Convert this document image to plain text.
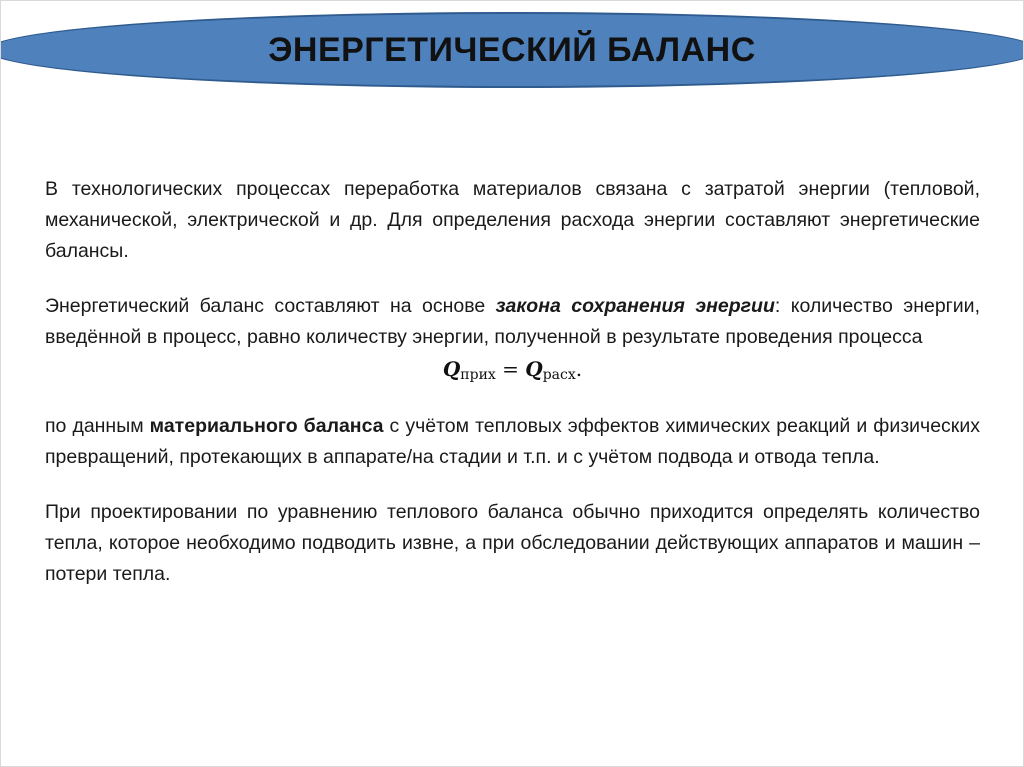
ЭНЕРГЕТИЧЕСКИЙ БАЛАНС

В технологических процессах переработка материалов связана с затратой энергии (тепловой, механической, электрической и др. Для определения расхода энергии составляют энергетические балансы.

Энергетический баланс составляют на основе закона сохранения энергии: количество энергии, введённой в процесс, равно количеству энергии, полученной в результате проведения процесса

$Q_{прих} = Q_{расх}$.

по данным материального баланса с учётом тепловых эффектов химических реакций и физических превращений, протекающих в аппарате/на стадии и т.п. и с учётом подвода и отвода тепла.

При проектировании по уравнению теплового баланса обычно приходится определять количество тепла, которое необходимо подводить извне, а при обследовании действующих аппаратов и машин – потери тепла.
